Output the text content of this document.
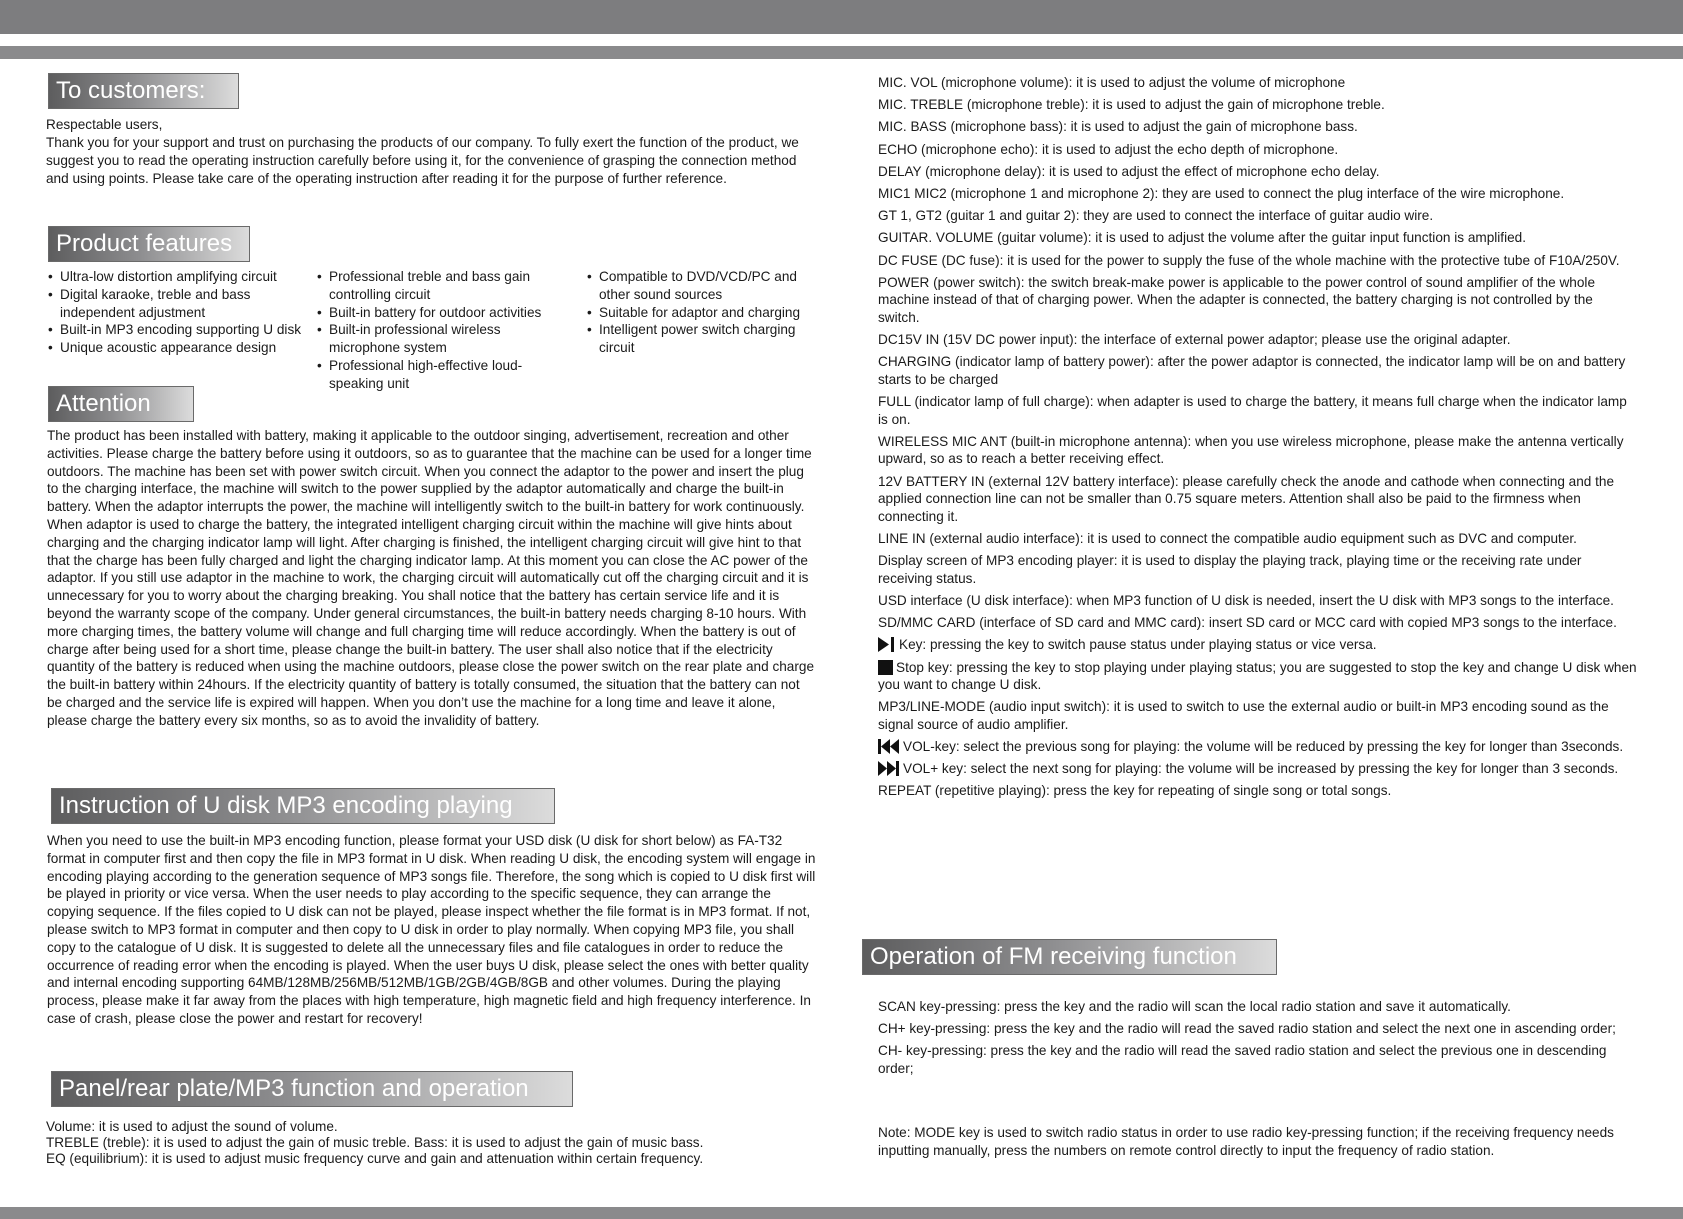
To customers:

Respectable users,

Thank you for your support and trust on purchasing the products of our company. To fully exert the function of the product, we suggest you to read the operating instruction carefully before using it, for the convenience of grasping the connection method and using points. Please take care of the operating instruction after reading it for the purpose of further reference.

Product features
• Ultra-low distortion amplifying circuit
• Digital karaoke, treble and bass independent adjustment
• Built-in MP3 encoding supporting U disk
• Unique acoustic appearance design
• Professional treble and bass gain controlling circuit
• Built-in battery for outdoor activities
• Built-in professional wireless microphone system
• Professional high-effective loud-speaking unit
• Compatible to DVD/VCD/PC and other sound sources
• Suitable for adaptor and charging
• Intelligent power switch charging circuit
Attention

The product has been installed with battery, making it applicable to the outdoor singing, advertisement, recreation and other activities. Please charge the battery before using it outdoors, so as to guarantee that the machine can be used for a longer time outdoors. The machine has been set with power switch circuit. When you connect the adaptor to the power and insert the plug to the charging interface, the machine will switch to the power supplied by the adaptor automatically and charge the built-in battery. When the adaptor interrupts the power, the machine will intelligently switch to the built-in battery for work continuously. When adaptor is used to charge the battery, the integrated intelligent charging circuit within the machine will give hints about charging and the charging indicator lamp will light. After charging is finished, the intelligent charging circuit will give hint to that that the charge has been fully charged and light the charging indicator lamp. At this moment you can close the AC power of the adaptor. If you still use adaptor in the machine to work, the charging circuit will automatically cut off the charging circuit and it is unnecessary for you to worry about the charging breaking. You shall notice that the battery has certain service life and it is beyond the warranty scope of the company. Under general circumstances, the built-in battery needs charging 8-10 hours. With more charging times, the battery volume will change and full charging time will reduce accordingly. When the battery is out of charge after being used for a short time, please change the built-in battery. The user shall also notice that if the electricity quantity of the battery is reduced when using the machine outdoors, please close the power switch on the rear plate and charge the built-in battery within 24hours. If the electricity quantity of battery is totally consumed, the situation that the battery can not be charged and the service life is expired will happen. When you don’t use the machine for a long time and leave it alone, please charge the battery every six months, so as to avoid the invalidity of battery.

Instruction of U disk MP3 encoding playing

When you need to use the built-in MP3 encoding function, please format your USD disk (U disk for short below) as FA-T32 format in computer first and then copy the file in MP3 format in U disk. When reading U disk, the encoding system will engage in encoding playing according to the generation sequence of MP3 songs file. Therefore, the song which is copied to U disk first will be played in priority or vice versa. When the user needs to play according to the specific sequence, they can arrange the copying sequence. If the files copied to U disk can not be played, please inspect whether the file format is in MP3 format. If not, please switch to MP3 format in computer and then copy to U disk in order to play normally. When copying MP3 file, you shall copy to the catalogue of U disk. It is suggested to delete all the unnecessary files and file catalogues in order to reduce the occurrence of reading error when the encoding is played. When the user buys U disk, please select the ones with better quality and internal encoding supporting 64MB/128MB/256MB/512MB/1GB/2GB/4GB/8GB and other volumes. During the playing process, please make it far away from the places with high temperature, high magnetic field and high frequency interference. In case of crash, please close the power and restart for recovery!

Panel/rear plate/MP3 function and operation
Volume: it is used to adjust the sound of volume.
TREBLE (treble): it is used to adjust the gain of music treble. Bass: it is used to adjust the gain of music bass.
EQ (equilibrium): it is used to adjust music frequency curve and gain and attenuation within certain frequency.

MIC. VOL (microphone volume): it is used to adjust the volume of microphone

MIC. TREBLE (microphone treble): it is used to adjust the gain of microphone treble.

MIC. BASS (microphone bass): it is used to adjust the gain of microphone bass.

ECHO (microphone echo): it is used to adjust the echo depth of microphone.

DELAY (microphone delay): it is used to adjust the effect of microphone echo delay.

MIC1 MIC2 (microphone 1 and microphone 2): they are used to connect the plug interface of the wire microphone.

GT 1, GT2 (guitar 1 and guitar 2): they are used to connect the interface of guitar audio wire.

GUITAR. VOLUME (guitar volume): it is used to adjust the volume after the guitar input function is amplified.

DC FUSE (DC fuse): it is used for the power to supply the fuse of the whole machine with the protective tube of F10A/250V.

POWER (power switch): the switch break-make power is applicable to the power control of sound amplifier of the whole machine instead of that of charging power. When the adapter is connected, the battery charging is not controlled by the switch.

DC15V IN (15V DC power input): the interface of external power adaptor; please use the original adapter.

CHARGING (indicator lamp of battery power): after the power adaptor is connected, the indicator lamp will be on and battery starts to be charged

FULL (indicator lamp of full charge): when adapter is used to charge the battery, it means full charge when the indicator lamp is on.

WIRELESS MIC ANT (built-in microphone antenna): when you use wireless microphone, please make the antenna vertically upward, so as to reach a better receiving effect.

12V BATTERY IN (external 12V battery interface): please carefully check the anode and cathode when connecting and the applied connection line can not be smaller than 0.75 square meters. Attention shall also be paid to the firmness when connecting it.

LINE IN (external audio interface): it is used to connect the compatible audio equipment such as DVC and computer.

Display screen of MP3 encoding player: it is used to display the playing track, playing time or the receiving rate under receiving status.

USD interface (U disk interface): when MP3 function of U disk is needed, insert the U disk with MP3 songs to the interface.

SD/MMC CARD (interface of SD card and MMC card): insert SD card or MCC card with copied MP3 songs to the interface.

Key: pressing the key to switch pause status under playing status or vice versa.

Stop key: pressing the key to stop playing under playing status; you are suggested to stop the key and change U disk when you want to change U disk.

MP3/LINE-MODE (audio input switch): it is used to switch to use the external audio or built-in MP3 encoding sound as the signal source of audio amplifier.

VOL-key: select the previous song for playing: the volume will be reduced by pressing the key for longer than 3seconds.

VOL+ key: select the next song for playing: the volume will be increased by pressing the key for longer than 3 seconds.

REPEAT (repetitive playing): press the key for repeating of single song or total songs.

Operation of FM receiving function

SCAN key-pressing: press the key and the radio will scan the local radio station and save it automatically.

CH+ key-pressing: press the key and the radio will read the saved radio station and select the next one in ascending order;

CH- key-pressing: press the key and the radio will read the saved radio station and select the previous one in descending order;

Note: MODE key is used to switch radio status in order to use radio key-pressing function; if the receiving frequency needs inputting manually, press the numbers on remote control directly to input the frequency of radio station.
